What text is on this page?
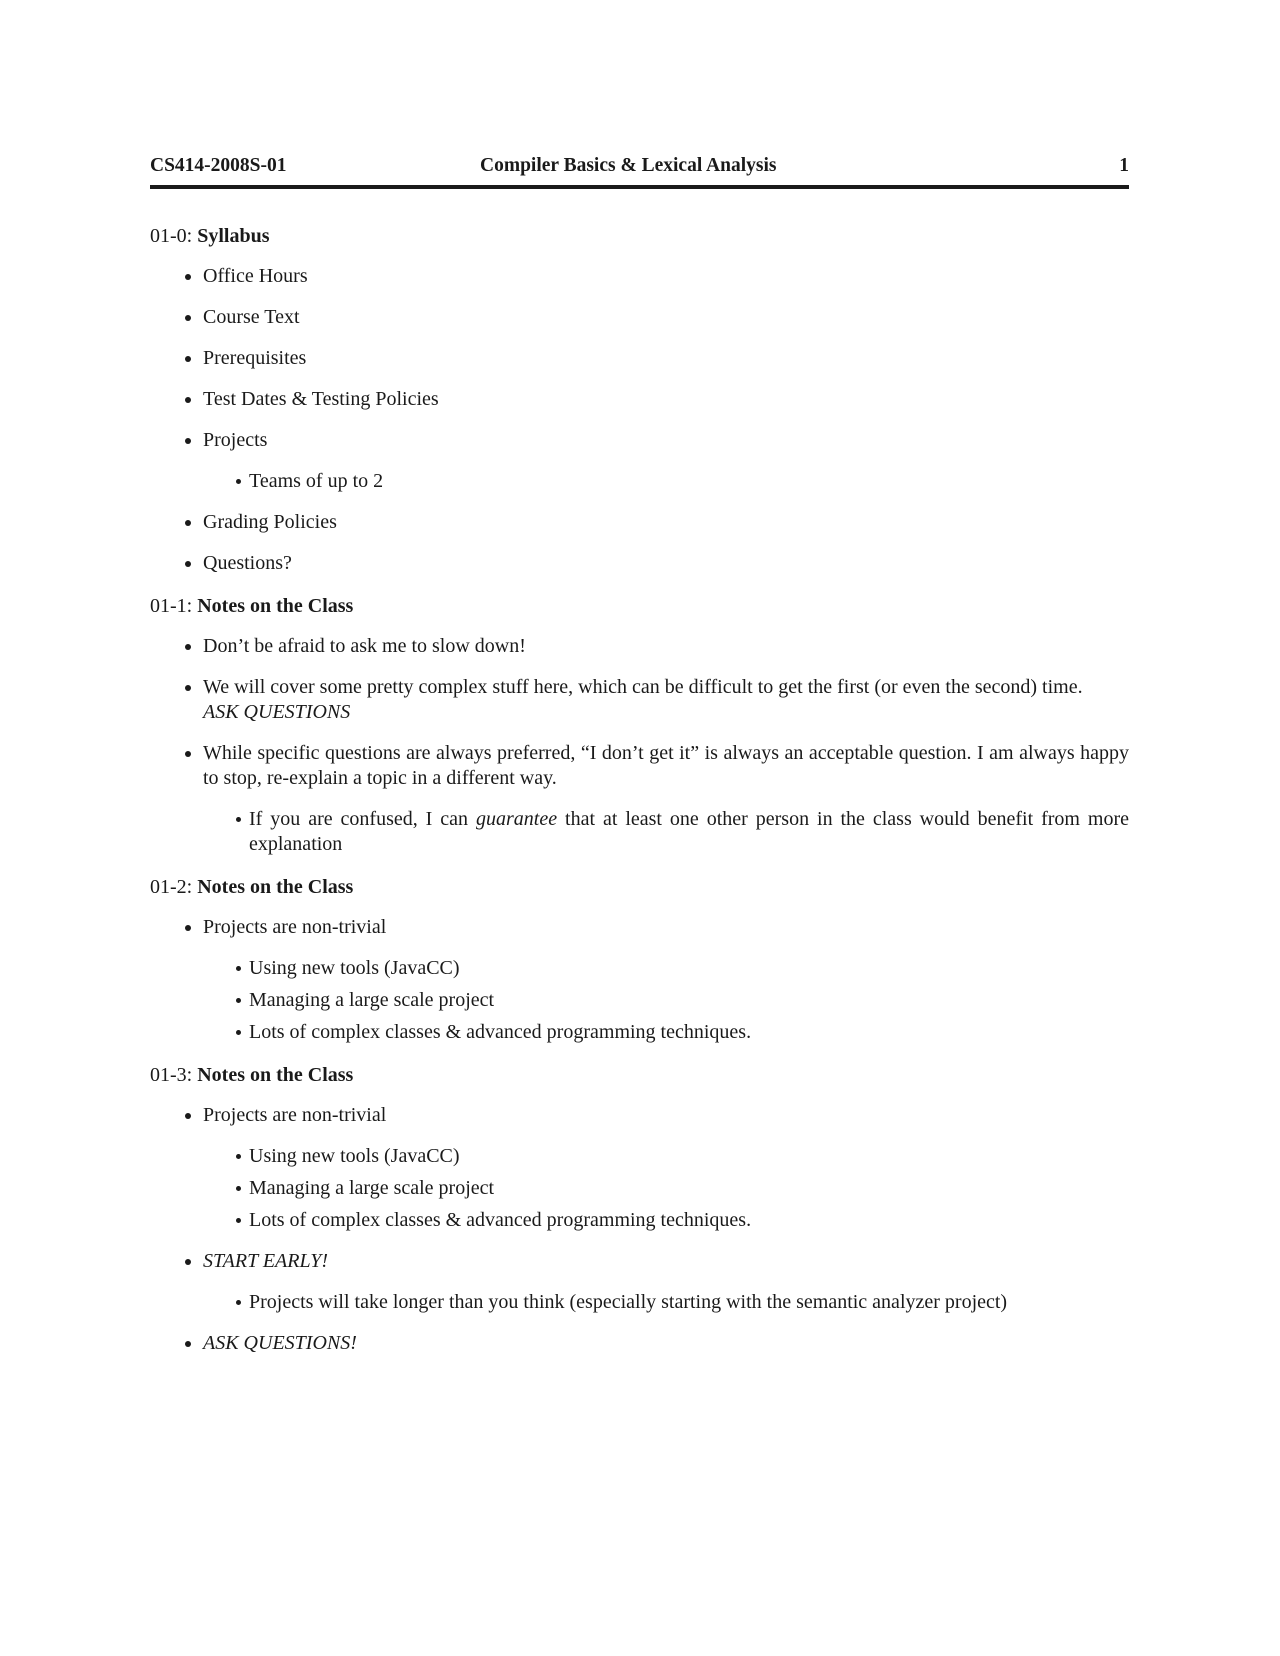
CS414-2008S-01	Compiler Basics & Lexical Analysis	1

01-0: Syllabus

Office Hours
Course Text
Prerequisites
Test Dates & Testing Policies
Projects
Teams of up to 2
Grading Policies
Questions?

01-1: Notes on the Class

Don’t be afraid to ask me to slow down!
We will cover some pretty complex stuff here, which can be difficult to get the first (or even the second) time.
ASK QUESTIONS
While specific questions are always preferred, “I don’t get it” is always an acceptable question. I am always happy to stop, re-explain a topic in a different way.
If you are confused, I can guarantee that at least one other person in the class would benefit from more explanation

01-2: Notes on the Class

Projects are non-trivial
Using new tools (JavaCC)
Managing a large scale project
Lots of complex classes & advanced programming techniques.

01-3: Notes on the Class

Projects are non-trivial
Using new tools (JavaCC)
Managing a large scale project
Lots of complex classes & advanced programming techniques.
START EARLY!
Projects will take longer than you think (especially starting with the semantic analyzer project)
ASK QUESTIONS!
